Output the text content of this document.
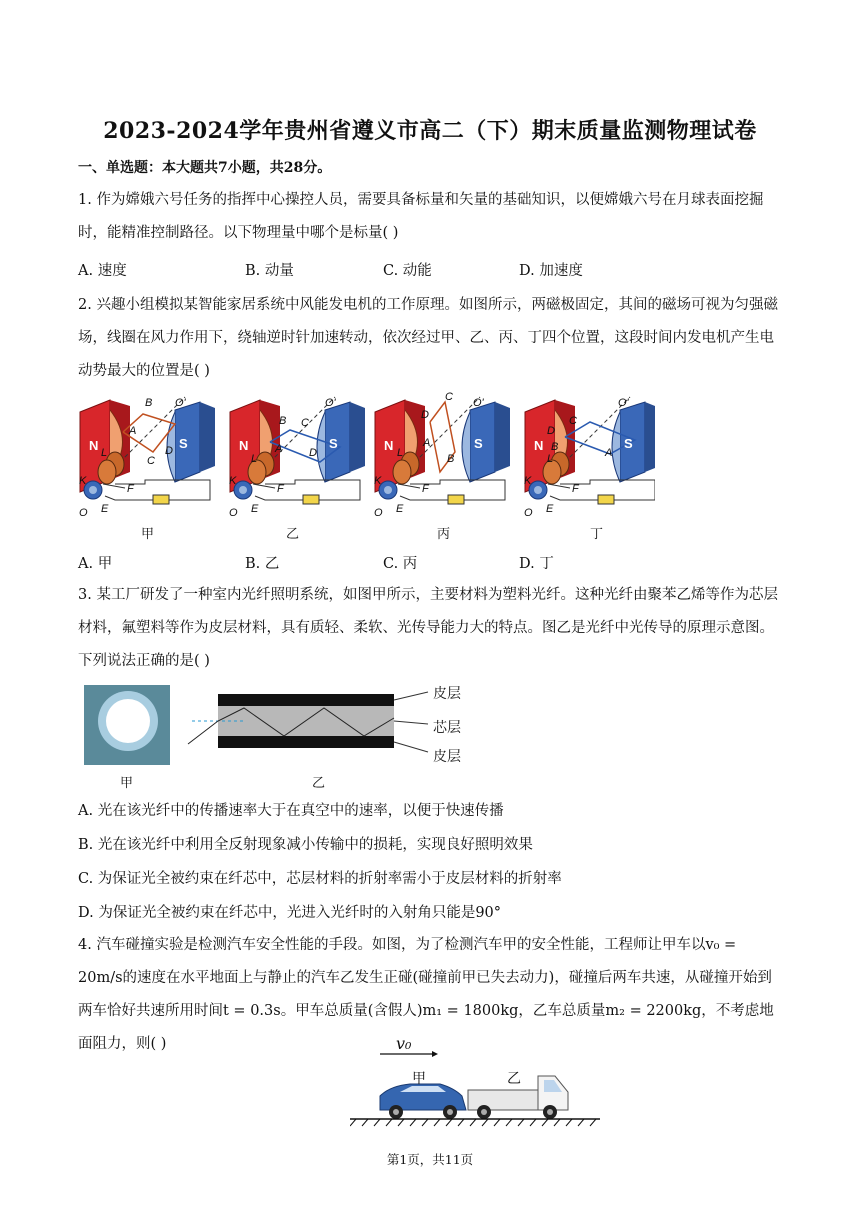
2023-2024学年贵州省遵义市高二（下）期末质量监测物理试卷
一、单选题：本大题共7小题，共28分。
1. 作为嫦娥六号任务的指挥中心操控人员，需要具备标量和矢量的基础知识，以便嫦娥六号在月球表面挖掘时，能精准控制路径。以下物理量中哪个是标量( )
A. 速度	B. 动量	C. 动能	D. 加速度
2. 兴趣小组模拟某智能家居系统中风能发电机的工作原理。如图所示，两磁极固定，其间的磁场可视为匀强磁场，线圈在风力作用下，绕轴逆时针加速转动，依次经过甲、乙、丙、丁四个位置，这段时间内发电机产生电动势最大的位置是( )
N	S
A
B
C
D
L
K
F
E
O
O'
N	S
A
B C
D
L
K
F
E
O
O'
N	S
A
C
D
B
L
K
F
E
O
O'
N	S
D
C
B	A
L
K
F
E
O
O'
甲	乙	丙	丁
A. 甲	B. 乙	C. 丙	D. 丁
3. 某工厂研发了一种室内光纤照明系统，如图甲所示，主要材料为塑料光纤。这种光纤由聚苯乙烯等作为芯层材料，氟塑料等作为皮层材料，具有质轻、柔软、光传导能力大的特点。图乙是光纤中光传导的原理示意图。下列说法正确的是( )
甲
皮层
芯层
皮层
乙
A. 光在该光纤中的传播速率大于在真空中的速率，以便于快速传播
B. 光在该光纤中利用全反射现象减小传输中的损耗，实现良好照明效果
C. 为保证光全被约束在纤芯中，芯层材料的折射率需小于皮层材料的折射率
D. 为保证光全被约束在纤芯中，光进入光纤时的入射角只能是90°
4. 汽车碰撞实验是检测汽车安全性能的手段。如图，为了检测汽车甲的安全性能，工程师让甲车以v₀ = 20m/s的速度在水平地面上与静止的汽车乙发生正碰(碰撞前甲已失去动力)，碰撞后两车共速，从碰撞开始到两车恰好共速所用时间t = 0.3s。甲车总质量(含假人)m₁ = 1800kg，乙车总质量m₂ = 2200kg，不考虑地面阻力，则( )	v₀
甲	乙
第1页，共11页
